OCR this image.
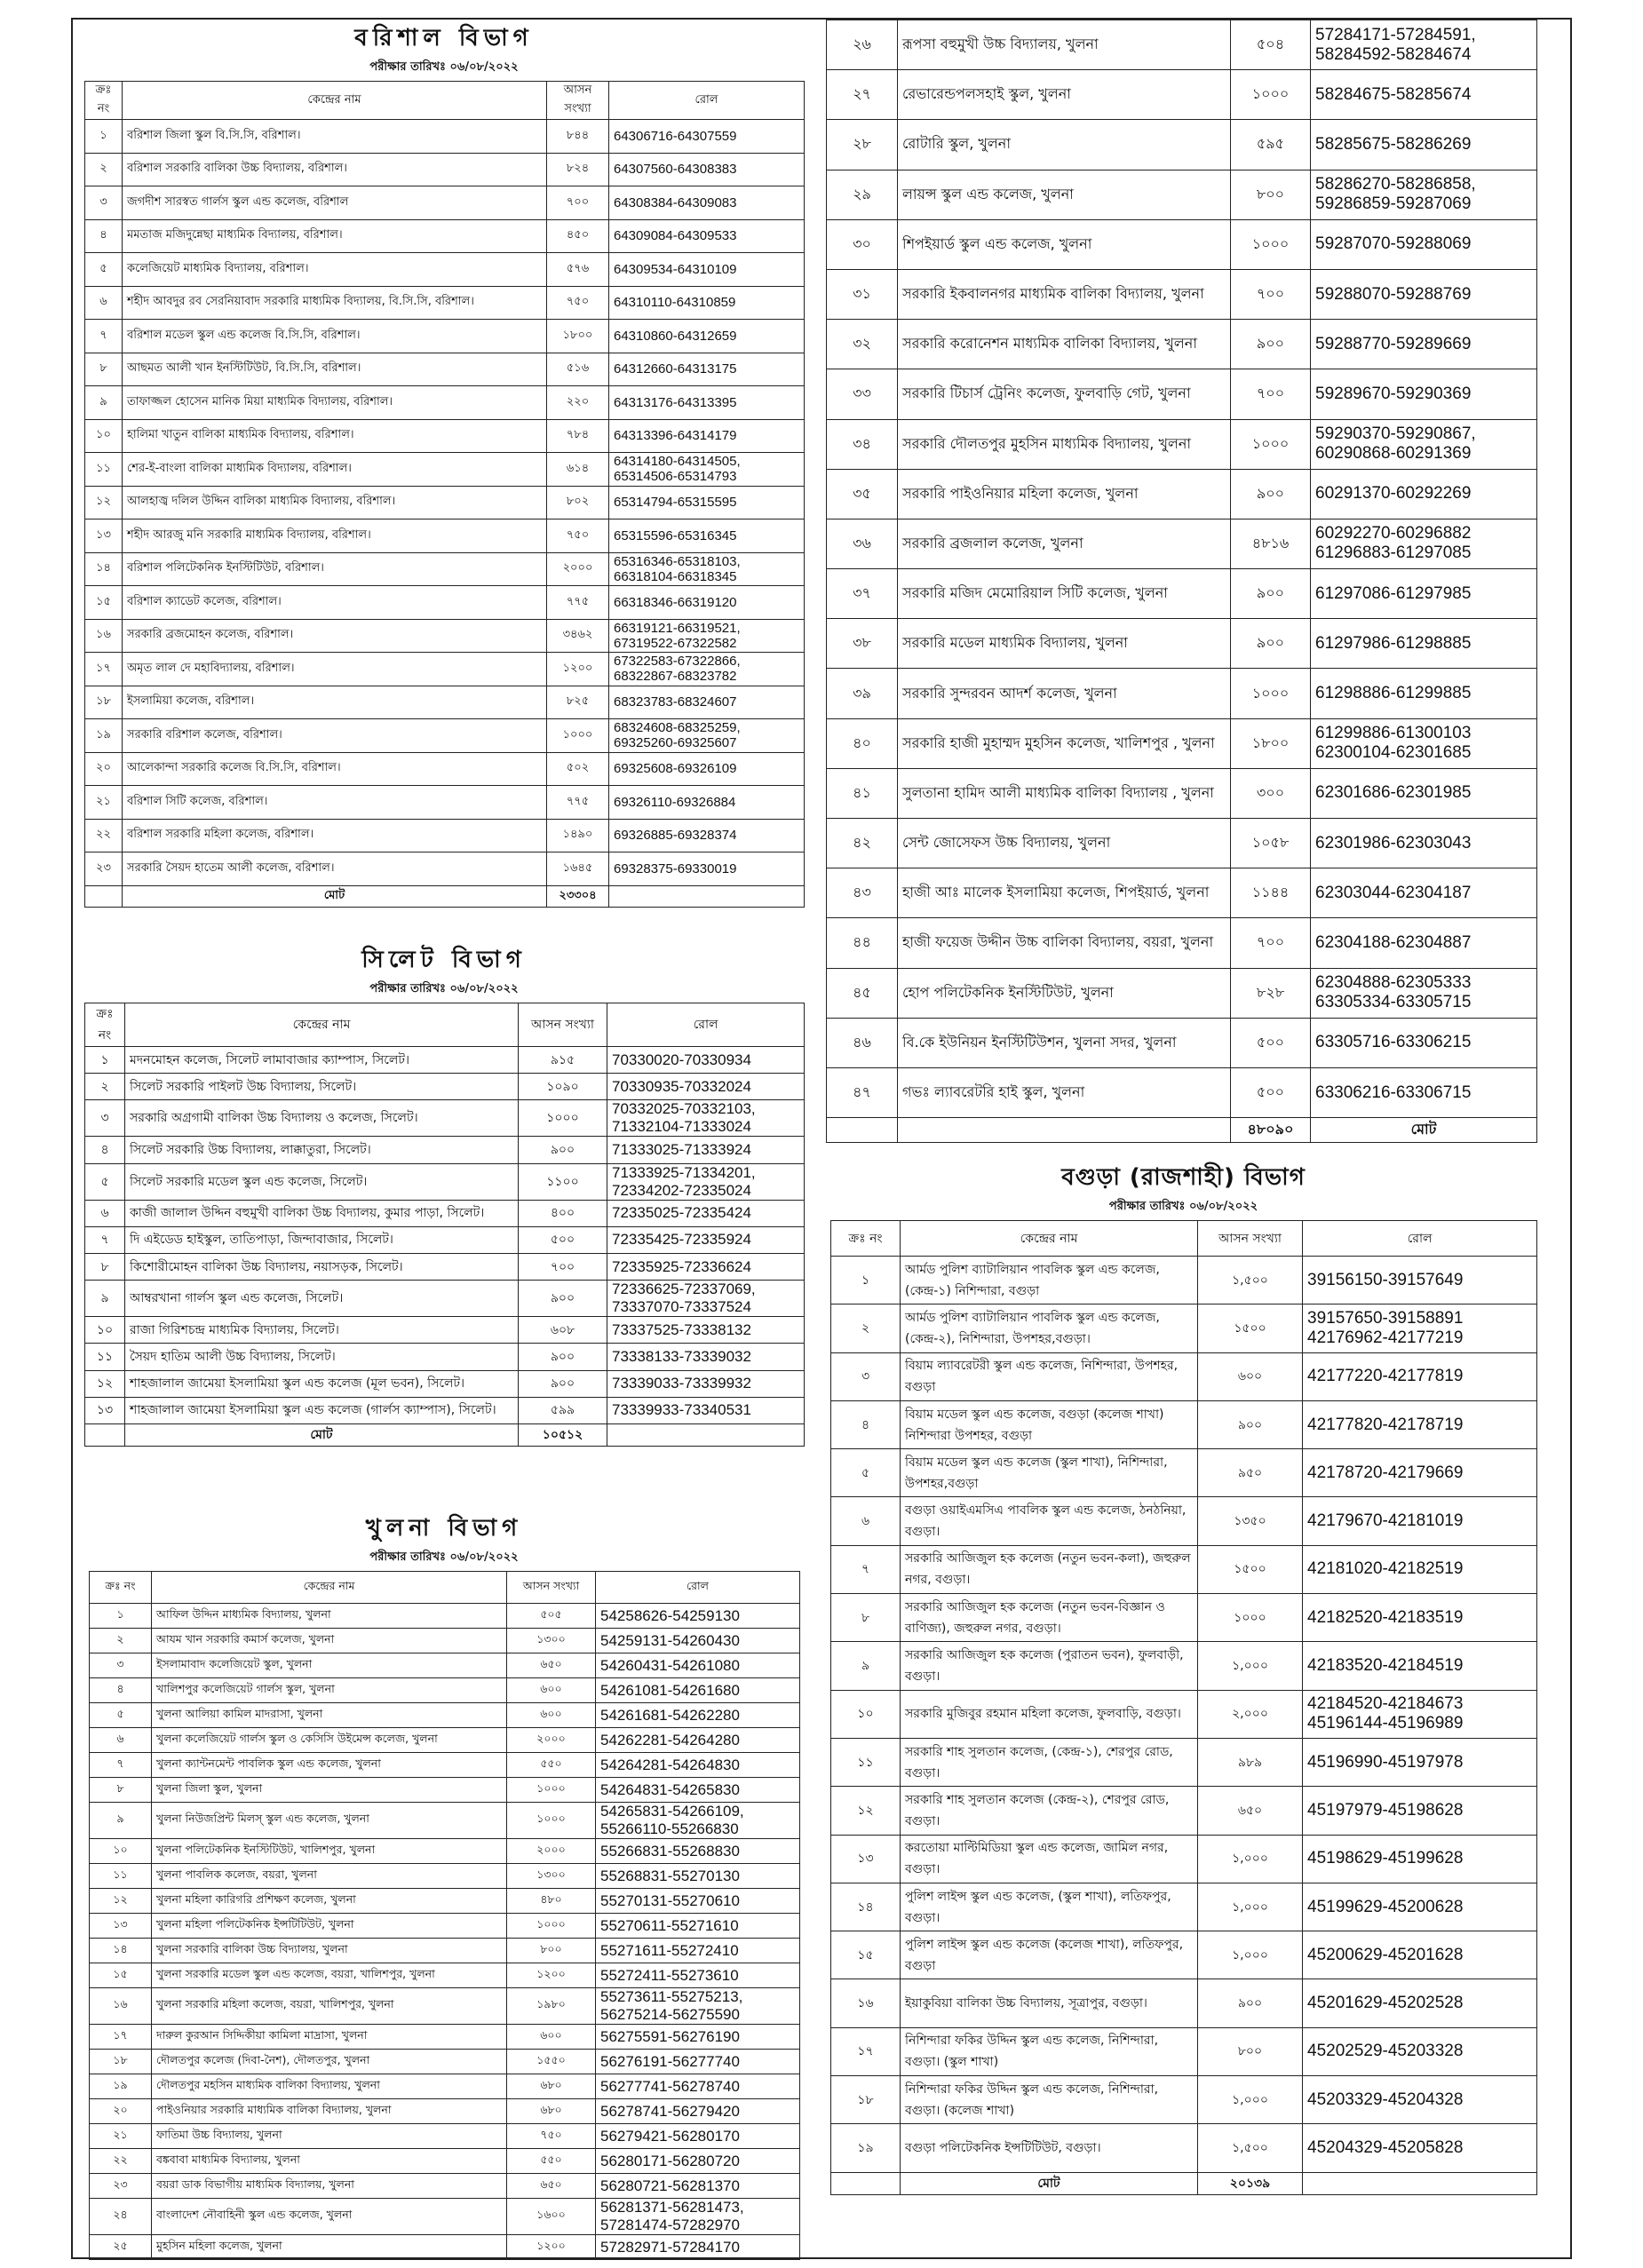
বরিশাল বিভাগ
পরীক্ষার তারিখঃ ০৬/০৮/২০২২
ক্রঃ নং	কেন্দ্রের নাম	আসন সংখ্যা	রোল
১	বরিশাল জিলা স্কুল বি.সি.সি, বরিশাল।	৮৪৪	64306716-64307559
২	বরিশাল সরকারি বালিকা উচ্চ বিদ্যালয়, বরিশাল।	৮২৪	64307560-64308383
৩	জগদীশ সারস্বত গার্লস স্কুল এন্ড কলেজ, বরিশাল	৭০০	64308384-64309083
৪	মমতাজ মজিদুন্নেছা মাধ্যমিক বিদ্যালয়, বরিশাল।	৪৫০	64309084-64309533
৫	কলেজিয়েট মাধ্যমিক বিদ্যালয়, বরিশাল।	৫৭৬	64309534-64310109
৬	শহীদ আবদুর রব সেরনিয়াবাদ সরকারি মাধ্যমিক বিদ্যালয়, বি.সি.সি, বরিশাল।	৭৫০	64310110-64310859
৭	বরিশাল মডেল স্কুল এন্ড কলেজ বি.সি.সি, বরিশাল।	১৮০০	64310860-64312659
৮	আছমত আলী খান ইনস্টিটিউট, বি.সি.সি, বরিশাল।	৫১৬	64312660-64313175
৯	তাফাজ্জল হোসেন মানিক মিয়া মাধ্যমিক বিদ্যালয়, বরিশাল।	২২০	64313176-64313395
১০	হালিমা খাতুন বালিকা মাধ্যমিক বিদ্যালয়, বরিশাল।	৭৮৪	64313396-64314179
১১	শের-ই-বাংলা বালিকা মাধ্যমিক বিদ্যালয়, বরিশাল।	৬১৪	64314180-64314505, 65314506-65314793
১২	আলহাজ্ব দলিল উদ্দিন বালিকা মাধ্যমিক বিদ্যালয়, বরিশাল।	৮০২	65314794-65315595
১৩	শহীদ আরজু মনি সরকারি মাধ্যমিক বিদ্যালয়, বরিশাল।	৭৫০	65315596-65316345
১৪	বরিশাল পলিটেকনিক ইনস্টিটিউট, বরিশাল।	২০০০	65316346-65318103, 66318104-66318345
১৫	বরিশাল ক্যাডেট কলেজ, বরিশাল।	৭৭৫	66318346-66319120
১৬	সরকারি ব্রজমোহন কলেজ, বরিশাল।	৩৪৬২	66319121-66319521, 67319522-67322582
১৭	অমৃত লাল দে মহাবিদ্যালয়, বরিশাল।	১২০০	67322583-67322866, 68322867-68323782
১৮	ইসলামিয়া কলেজ, বরিশাল।	৮২৫	68323783-68324607
১৯	সরকারি বরিশাল কলেজ, বরিশাল।	১০০০	68324608-68325259, 69325260-69325607
২০	আলেকান্দা সরকারি কলেজ বি.সি.সি, বরিশাল।	৫০২	69325608-69326109
২১	বরিশাল সিটি কলেজ, বরিশাল।	৭৭৫	69326110-69326884
২২	বরিশাল সরকারি মহিলা কলেজ, বরিশাল।	১৪৯০	69326885-69328374
২৩	সরকারি সৈয়দ হাতেম আলী কলেজ, বরিশাল।	১৬৪৫	69328375-69330019
	মোট	২৩৩০৪	
সিলেট বিভাগ
পরীক্ষার তারিখঃ ০৬/০৮/২০২২
ক্রঃ নং	কেন্দ্রের নাম	আসন সংখ্যা	রোল
১	মদনমোহন কলেজ, সিলেট লামাবাজার ক্যাম্পাস, সিলেট।	৯১৫	70330020-70330934
২	সিলেট সরকারি পাইলট উচ্চ বিদ্যালয়, সিলেট।	১০৯০	70330935-70332024
৩	সরকারি অগ্রগামী বালিকা উচ্চ বিদ্যালয় ও কলেজ, সিলেট।	১০০০	70332025-70332103, 71332104-71333024
৪	সিলেট সরকারি উচ্চ বিদ্যালয়, লাক্কাতুরা, সিলেট।	৯০০	71333025-71333924
৫	সিলেট সরকারি মডেল স্কুল এন্ড কলেজ, সিলেট।	১১০০	71333925-71334201, 72334202-72335024
৬	কাজী জালাল উদ্দিন বহুমুখী বালিকা উচ্চ বিদ্যালয়, কুমার পাড়া, সিলেট।	৪০০	72335025-72335424
৭	দি এইডেড হাইস্কুল, তাতিপাড়া, জিন্দাবাজার, সিলেট।	৫০০	72335425-72335924
৮	কিশোরীমোহন বালিকা উচ্চ বিদ্যালয়, নয়াসড়ক, সিলেট।	৭০০	72335925-72336624
৯	আম্বরখানা গার্লস স্কুল এন্ড কলেজ, সিলেট।	৯০০	72336625-72337069, 73337070-73337524
১০	রাজা গিরিশচন্দ্র মাধ্যমিক বিদ্যালয়, সিলেট।	৬০৮	73337525-73338132
১১	সৈয়দ হাতিম আলী উচ্চ বিদ্যালয়, সিলেট।	৯০০	73338133-73339032
১২	শাহজালাল জামেয়া ইসলামিয়া স্কুল এন্ড কলেজ (মূল ভবন), সিলেট।	৯০০	73339033-73339932
১৩	শাহজালাল জামেয়া ইসলামিয়া স্কুল এন্ড কলেজ (গার্লস ক্যাম্পাস), সিলেট।	৫৯৯	73339933-73340531
	মোট	১০৫১২	
খুলনা বিভাগ
পরীক্ষার তারিখঃ ০৬/০৮/২০২২
ক্রঃ নং	কেন্দ্রের নাম	আসন সংখ্যা	রোল
১	আফিল উদ্দিন মাধ্যমিক বিদ্যালয়, খুলনা	৫০৫	54258626-54259130
২	আযম খান সরকারি কমার্স কলেজ, খুলনা	১৩০০	54259131-54260430
৩	ইসলামাবাদ কলেজিয়েট স্কুল, খুলনা	৬৫০	54260431-54261080
৪	খালিশপুর কলেজিয়েট গার্লস স্কুল, খুলনা	৬০০	54261081-54261680
৫	খুলনা আলিয়া কামিল মাদরাসা, খুলনা	৬০০	54261681-54262280
৬	খুলনা কলেজিয়েট গার্লস স্কুল ও কেসিসি উইমেন্স কলেজ, খুলনা	২০০০	54262281-54264280
৭	খুলনা ক্যান্টনমেন্ট পাবলিক স্কুল এন্ড কলেজ, খুলনা	৫৫০	54264281-54264830
৮	খুলনা জিলা স্কুল, খুলনা	১০০০	54264831-54265830
৯	খুলনা নিউজপ্রিন্ট মিলস্ স্কুল এন্ড কলেজ, খুলনা	১০০০	54265831-54266109, 55266110-55266830
১০	খুলনা পলিটেকনিক ইনস্টিটিউট, খালিশপুর, খুলনা	২০০০	55266831-55268830
১১	খুলনা পাবলিক কলেজ, বয়রা, খুলনা	১৩০০	55268831-55270130
১২	খুলনা মহিলা কারিগরি প্রশিক্ষণ কলেজ, খুলনা	৪৮০	55270131-55270610
১৩	খুলনা মহিলা পলিটেকনিক ইন্সটিটিউট, খুলনা	১০০০	55270611-55271610
১৪	খুলনা সরকারি বালিকা উচ্চ বিদ্যালয়, খুলনা	৮০০	55271611-55272410
১৫	খুলনা সরকারি মডেল স্কুল এন্ড কলেজ, বয়রা, খালিশপুর, খুলনা	১২০০	55272411-55273610
১৬	খুলনা সরকারি মহিলা কলেজ, বয়রা, খালিশপুর, খুলনা	১৯৮০	55273611-55275213, 56275214-56275590
১৭	দারুল কুরআন সিদ্দিকীয়া কামিলা মাদ্রাসা, খুলনা	৬০০	56275591-56276190
১৮	দৌলতপুর কলেজ (দিবা-নৈশ), দৌলতপুর, খুলনা	১৫৫০	56276191-56277740
১৯	দৌলতপুর মহসিন মাধ্যমিক বালিকা বিদ্যালয়, খুলনা	৬৮০	56277741-56278740
২০	পাইওনিয়ার সরকারি মাধ্যমিক বালিকা বিদ্যালয়, খুলনা	৬৮০	56278741-56279420
২১	ফাতিমা উচ্চ বিদ্যালয়, খুলনা	৭৫০	56279421-56280170
২২	বঙ্কবাবা মাধ্যমিক বিদ্যালয়, খুলনা	৫৫০	56280171-56280720
২৩	বয়রা ডাক বিভাগীয় মাধ্যমিক বিদ্যালয়, খুলনা	৬৫০	56280721-56281370
২৪	বাংলাদেশ নৌবাহিনী স্কুল এন্ড কলেজ, খুলনা	১৬০০	56281371-56281473, 57281474-57282970
২৫	মুহসিন মহিলা কলেজ, খুলনা	১২০০	57282971-57284170
২৬	রূপসা বহুমুখী উচ্চ বিদ্যালয়, খুলনা	৫০৪	57284171-57284591, 58284592-58284674
২৭	রেভারেন্ডপলসহাই স্কুল, খুলনা	১০০০	58284675-58285674
২৮	রোটারি স্কুল, খুলনা	৫৯৫	58285675-58286269
২৯	লায়ন্স স্কুল এন্ড কলেজ, খুলনা	৮০০	58286270-58286858, 59286859-59287069
৩০	শিপইয়ার্ড স্কুল এন্ড কলেজ, খুলনা	১০০০	59287070-59288069
৩১	সরকারি ইকবালনগর মাধ্যমিক বালিকা বিদ্যালয়, খুলনা	৭০০	59288070-59288769
৩২	সরকারি করোনেশন মাধ্যমিক বালিকা বিদ্যালয়, খুলনা	৯০০	59288770-59289669
৩৩	সরকারি টিচার্স ট্রেনিং কলেজ, ফুলবাড়ি গেট, খুলনা	৭০০	59289670-59290369
৩৪	সরকারি দৌলতপুর মুহসিন মাধ্যমিক বিদ্যালয়, খুলনা	১০০০	59290370-59290867, 60290868-60291369
৩৫	সরকারি পাইওনিয়ার মহিলা কলেজ, খুলনা	৯০০	60291370-60292269
৩৬	সরকারি ব্রজলাল কলেজ, খুলনা	৪৮১৬	60292270-60296882 61296883-61297085
৩৭	সরকারি মজিদ মেমোরিয়াল সিটি কলেজ, খুলনা	৯০০	61297086-61297985
৩৮	সরকারি মডেল মাধ্যমিক বিদ্যালয়, খুলনা	৯০০	61297986-61298885
৩৯	সরকারি সুন্দরবন আদর্শ কলেজ, খুলনা	১০০০	61298886-61299885
৪০	সরকারি হাজী মুহাম্মদ মুহসিন কলেজ, খালিশপুর , খুলনা	১৮০০	61299886-61300103 62300104-62301685
৪১	সুলতানা হামিদ আলী মাধ্যমিক বালিকা বিদ্যালয় , খুলনা	৩০০	62301686-62301985
৪২	সেন্ট জোসেফস উচ্চ বিদ্যালয়, খুলনা	১০৫৮	62301986-62303043
৪৩	হাজী আঃ মালেক ইসলামিয়া কলেজ, শিপইয়ার্ড, খুলনা	১১৪৪	62303044-62304187
৪৪	হাজী ফয়েজ উদ্দীন উচ্চ বালিকা বিদ্যালয়, বয়রা, খুলনা	৭০০	62304188-62304887
৪৫	হোপ পলিটেকনিক ইনস্টিটিউট, খুলনা	৮২৮	62304888-62305333 63305334-63305715
৪৬	বি.কে ইউনিয়ন ইনস্টিটিউশন, খুলনা সদর, খুলনা	৫০০	63305716-63306215
৪৭	গভঃ ল্যাবরেটরি হাই স্কুল, খুলনা	৫০০	63306216-63306715
		৪৮০৯০	মোট
বগুড়া (রাজশাহী) বিভাগ
পরীক্ষার তারিখঃ ০৬/০৮/২০২২
ক্রঃ নং	কেন্দ্রের নাম	আসন সংখ্যা	রোল
১	আর্মড পুলিশ ব্যাটালিয়ান পাবলিক স্কুল এন্ড কলেজ, (কেন্দ্র-১) নিশিন্দারা, বগুড়া	১,৫০০	39156150-39157649
২	আর্মড পুলিশ ব্যাটালিয়ান পাবলিক স্কুল এন্ড কলেজ, (কেন্দ্র-২), নিশিন্দারা, উপশহর,বগুড়া।	১৫০০	39157650-39158891 42176962-42177219
৩	বিয়াম ল্যাবরেটরী স্কুল এন্ড কলেজ, নিশিন্দারা, উপশহর, বগুড়া	৬০০	42177220-42177819
৪	বিয়াম মডেল স্কুল এন্ড কলেজ, বগুড়া (কলেজ শাখা) নিশিন্দারা উপশহর, বগুড়া	৯০০	42177820-42178719
৫	বিয়াম মডেল স্কুল এন্ড কলেজ (স্কুল শাখা), নিশিন্দারা, উপশহর,বগুড়া	৯৫০	42178720-42179669
৬	বগুড়া ওয়াইএমসিএ পাবলিক স্কুল এন্ড কলেজ, ঠনঠনিয়া, বগুড়া।	১৩৫০	42179670-42181019
৭	সরকারি আজিজুল হক কলেজ (নতুন ভবন-কলা), জহুরুল নগর, বগুড়া।	১৫০০	42181020-42182519
৮	সরকারি আজিজুল হক কলেজ (নতুন ভবন-বিজ্ঞান ও বাণিজ্য), জহুরুল নগর, বগুড়া।	১০০০	42182520-42183519
৯	সরকারি আজিজুল হক কলেজ (পুরাতন ভবন), ফুলবাড়ী, বগুড়া।	১,০০০	42183520-42184519
১০	সরকারি মুজিবুর রহমান মহিলা কলেজ, ফুলবাড়ি, বগুড়া।	২,০০০	42184520-42184673 45196144-45196989
১১	সরকারি শাহ সুলতান কলেজ, (কেন্দ্র-১), শেরপুর রোড, বগুড়া।	৯৮৯	45196990-45197978
১২	সরকারি শাহ সুলতান কলেজ (কেন্দ্র-২), শেরপুর রোড, বগুড়া।	৬৫০	45197979-45198628
১৩	করতোয়া মাল্টিমিডিয়া স্কুল এন্ড কলেজ, জামিল নগর, বগুড়া।	১,০০০	45198629-45199628
১৪	পুলিশ লাইন্স স্কুল এন্ড কলেজ, (স্কুল শাখা), লতিফপুর, বগুড়া।	১,০০০	45199629-45200628
১৫	পুলিশ লাইন্স স্কুল এন্ড কলেজ (কলেজ শাখা), লতিফপুর, বগুড়া	১,০০০	45200629-45201628
১৬	ইয়াকুবিয়া বালিকা উচ্চ বিদ্যালয়, সূত্রাপুর, বগুড়া।	৯০০	45201629-45202528
১৭	নিশিন্দারা ফকির উদ্দিন স্কুল এন্ড কলেজ, নিশিন্দারা, বগুড়া। (স্কুল শাখা)	৮০০	45202529-45203328
১৮	নিশিন্দারা ফকির উদ্দিন স্কুল এন্ড কলেজ, নিশিন্দারা, বগুড়া। (কলেজ শাখা)	১,০০০	45203329-45204328
১৯	বগুড়া পলিটেকনিক ইন্সটিটিউট, বগুড়া।	১,৫০০	45204329-45205828
	মোট	২০১৩৯	
